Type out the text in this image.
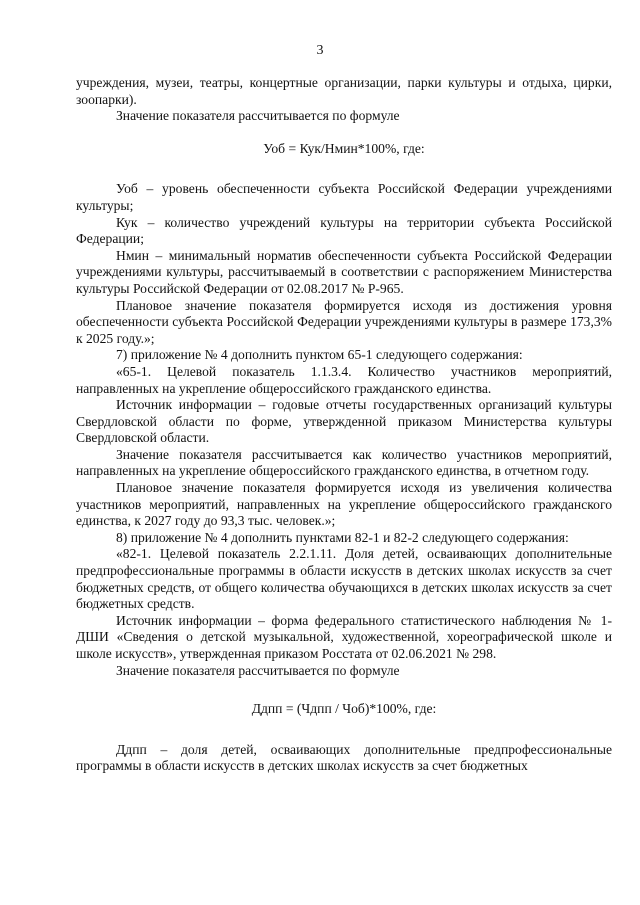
3

учреждения, музеи, театры, концертные организации, парки культуры и отдыха, цирки, зоопарки).

Значение показателя рассчитывается по формуле

Уоб = Кук/Нмин*100%, где:

Уоб – уровень обеспеченности субъекта Российской Федерации учреждениями культуры;

Кук – количество учреждений культуры на территории субъекта Российской Федерации;

Нмин – минимальный норматив обеспеченности субъекта Российской Федерации учреждениями культуры, рассчитываемый в соответствии с распоряжением Министерства культуры Российской Федерации от 02.08.2017 № Р-965.

Плановое значение показателя формируется исходя из достижения уровня обеспеченности субъекта Российской Федерации учреждениями культуры в размере 173,3% к 2025 году.»;

7) приложение № 4 дополнить пунктом 65-1 следующего содержания:

«65-1. Целевой показатель 1.1.3.4. Количество участников мероприятий, направленных на укрепление общероссийского гражданского единства.

Источник информации – годовые отчеты государственных организаций культуры Свердловской области по форме, утвержденной приказом Министерства культуры Свердловской области.

Значение показателя рассчитывается как количество участников мероприятий, направленных на укрепление общероссийского гражданского единства, в отчетном году.

Плановое значение показателя формируется исходя из увеличения количества участников мероприятий, направленных на укрепление общероссийского гражданского единства, к 2027 году до 93,3 тыс. человек.»;

8) приложение № 4 дополнить пунктами 82-1 и 82-2 следующего содержания:

«82-1. Целевой показатель 2.2.1.11. Доля детей, осваивающих дополнительные предпрофессиональные программы в области искусств в детских школах искусств за счет бюджетных средств, от общего количества обучающихся в детских школах искусств за счет бюджетных средств.

Источник информации – форма федерального статистического наблюдения № 1-ДШИ «Сведения о детской музыкальной, художественной, хореографической школе и школе искусств», утвержденная приказом Росстата от 02.06.2021 № 298.

Значение показателя рассчитывается по формуле

Ддпп = (Чдпп / Чоб)*100%, где:

Ддпп – доля детей, осваивающих дополнительные предпрофессиональные программы в области искусств в детских школах искусств за счет бюджетных
